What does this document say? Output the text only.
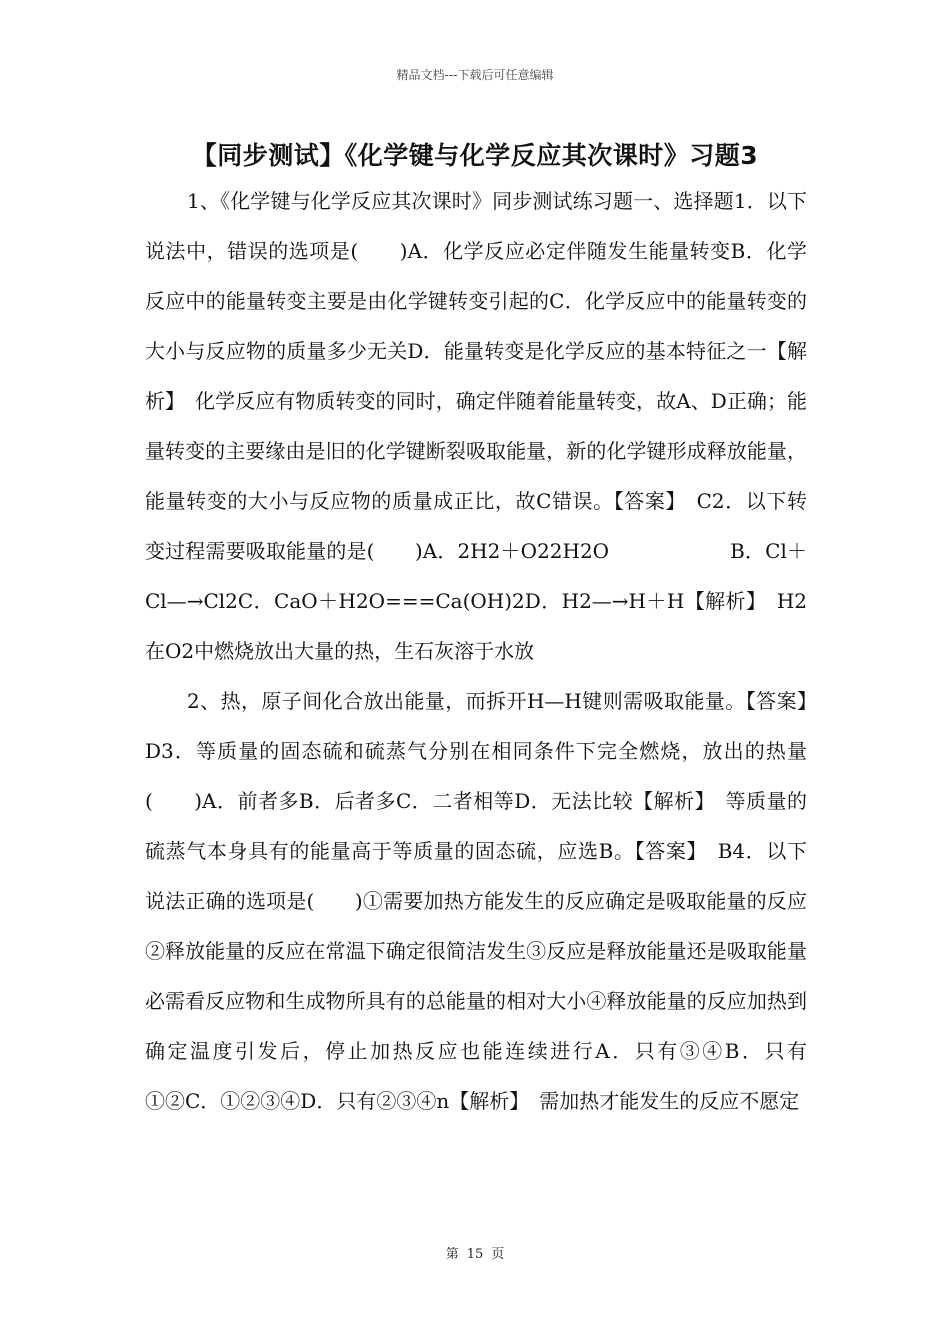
精品文档---下载后可任意编辑
【同步测试】《化学键与化学反应其次课时》习题3

1、《化学键与化学反应其次课时》同步测试练习题一、选择题1．以下说法中，错误的选项是(　　)A．化学反应必定伴随发生能量转变B．化学反应中的能量转变主要是由化学键转变引起的C．化学反应中的能量转变的大小与反应物的质量多少无关D．能量转变是化学反应的基本特征之一【解析】　化学反应有物质转变的同时，确定伴随着能量转变，故A、D正确；能量转变的主要缘由是旧的化学键断裂吸取能量，新的化学键形成释放能量，能量转变的大小与反应物的质量成正比，故C错误。【答案】　C2．以下转变过程需要吸取能量的是(　　)A．2H2＋O22H2O　　　　　　B．Cl＋Cl—→Cl2C．CaO＋H2O===Ca(OH)2D．H2—→H＋H【解析】　H2在O2中燃烧放出大量的热，生石灰溶于水放

2、热，原子间化合放出能量，而拆开H—H键则需吸取能量。【答案】　D3．等质量的固态硫和硫蒸气分别在相同条件下完全燃烧，放出的热量(　　)A．前者多B．后者多C．二者相等D．无法比较【解析】　等质量的硫蒸气本身具有的能量高于等质量的固态硫，应选B。【答案】　B4．以下说法正确的选项是(　　)①需要加热方能发生的反应确定是吸取能量的反应②释放能量的反应在常温下确定很简洁发生③反应是释放能量还是吸取能量必需看反应物和生成物所具有的总能量的相对大小④释放能量的反应加热到确定温度引发后，停止加热反应也能连续进行A．只有③④B．只有①②C．①②③④D．只有②③④n【解析】　需加热才能发生的反应不愿定

第 15 页
